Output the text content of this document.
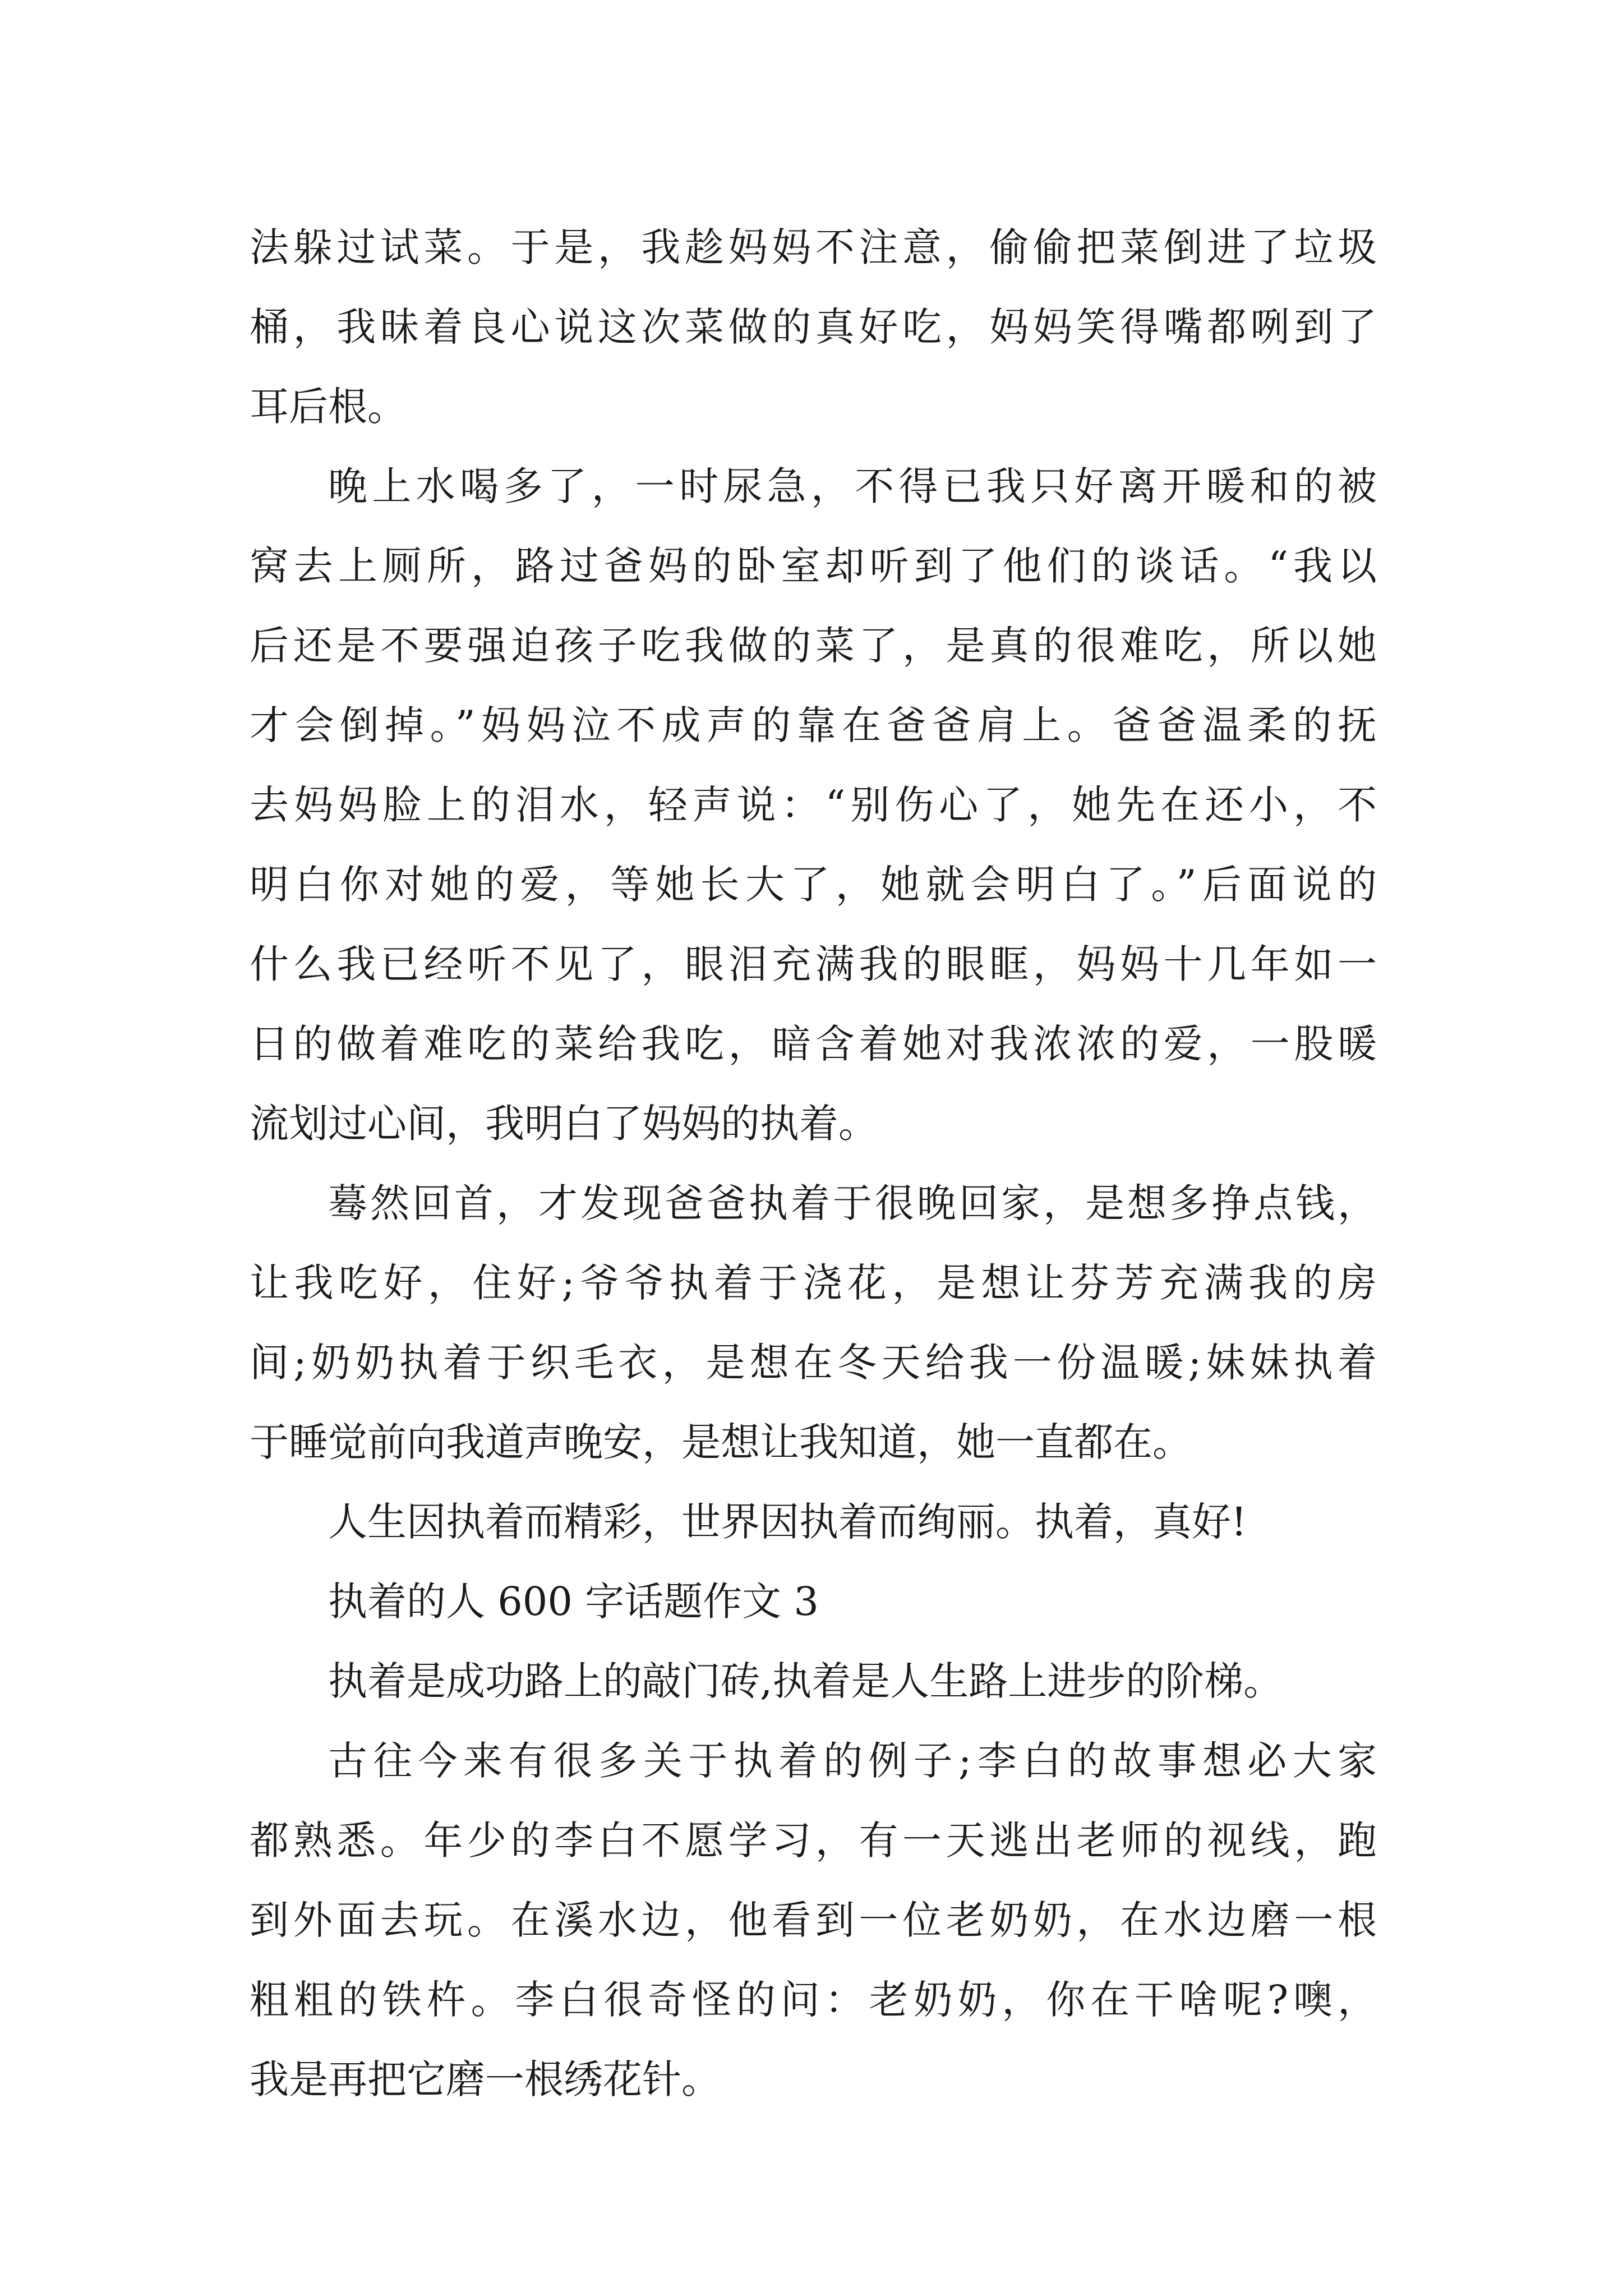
法躲过试菜。于是，我趁妈妈不注意，偷偷把菜倒进了垃圾
桶，我昧着良心说这次菜做的真好吃，妈妈笑得嘴都咧到了
耳后根。
晚上水喝多了，一时尿急，不得已我只好离开暖和的被
窝去上厕所，路过爸妈的卧室却听到了他们的谈话。“我以
后还是不要强迫孩子吃我做的菜了，是真的很难吃，所以她
才会倒掉。”妈妈泣不成声的靠在爸爸肩上。爸爸温柔的抚
去妈妈脸上的泪水，轻声说：“别伤心了，她先在还小，不
明白你对她的爱，等她长大了，她就会明白了。”后面说的
什么我已经听不见了，眼泪充满我的眼眶，妈妈十几年如一
日的做着难吃的菜给我吃，暗含着她对我浓浓的爱，一股暖
流划过心间，我明白了妈妈的执着。
蓦然回首，才发现爸爸执着于很晚回家，是想多挣点钱，
让我吃好，住好;爷爷执着于浇花，是想让芬芳充满我的房
间;奶奶执着于织毛衣，是想在冬天给我一份温暖;妹妹执着
于睡觉前向我道声晚安，是想让我知道，她一直都在。
人生因执着而精彩，世界因执着而绚丽。执着，真好!
执着的人 600 字话题作文 3
执着是成功路上的敲门砖,执着是人生路上进步的阶梯。
古往今来有很多关于执着的例子;李白的故事想必大家
都熟悉。年少的李白不愿学习，有一天逃出老师的视线，跑
到外面去玩。在溪水边，他看到一位老奶奶，在水边磨一根
粗粗的铁杵。李白很奇怪的问：老奶奶，你在干啥呢?噢，
我是再把它磨一根绣花针。
